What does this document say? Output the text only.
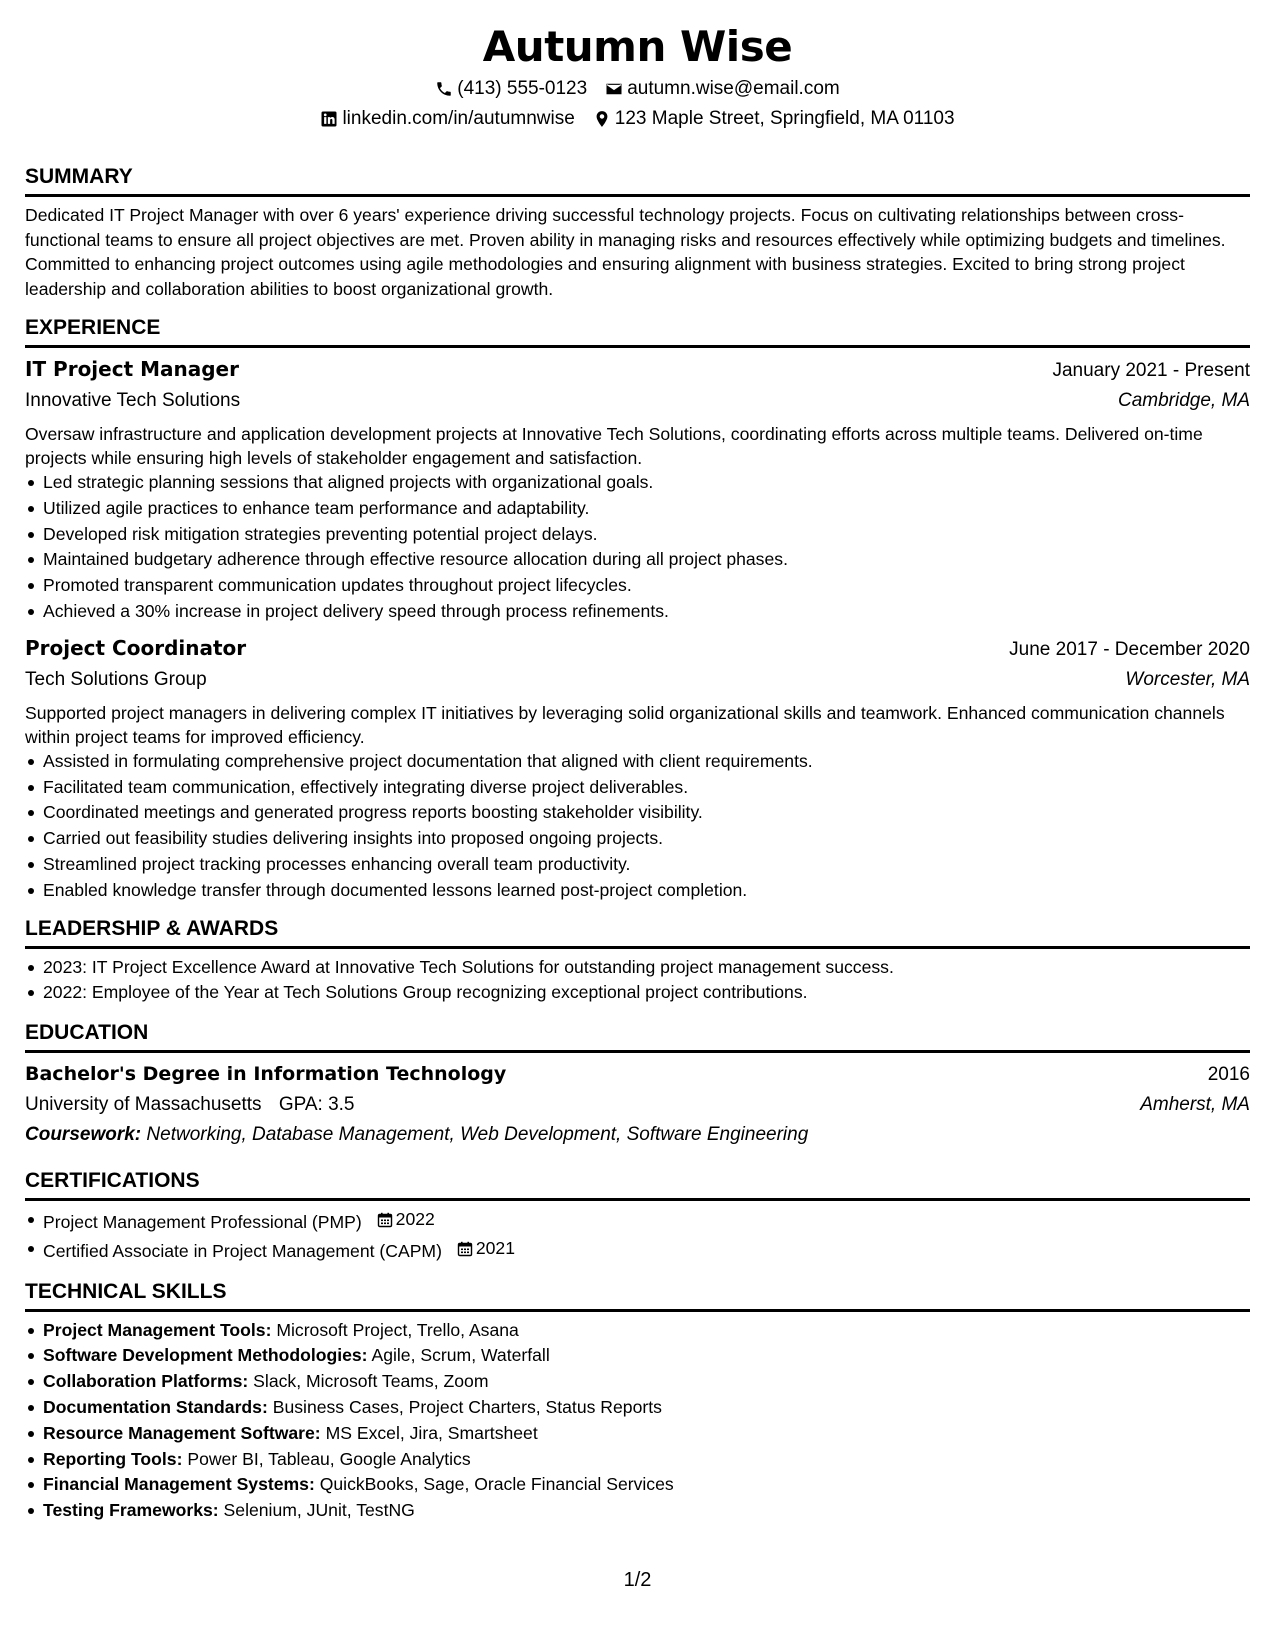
Autumn Wise
(413) 555-0123 autumn.wise@email.com
linkedin.com/in/autumnwise 123 Maple Street, Springfield, MA 01103
SUMMARY

Dedicated IT Project Manager with over 6 years' experience driving successful technology projects. Focus on cultivating relationships between cross-functional teams to ensure all project objectives are met. Proven ability in managing risks and resources effectively while optimizing budgets and timelines. Committed to enhancing project outcomes using agile methodologies and ensuring alignment with business strategies. Excited to bring strong project leadership and collaboration abilities to boost organizational growth.

EXPERIENCE
IT Project Manager	January 2021 - Present
Innovative Tech Solutions	Cambridge, MA

Oversaw infrastructure and application development projects at Innovative Tech Solutions, coordinating efforts across multiple teams. Delivered on-time projects while ensuring high levels of stakeholder engagement and satisfaction.

Led strategic planning sessions that aligned projects with organizational goals.
Utilized agile practices to enhance team performance and adaptability.
Developed risk mitigation strategies preventing potential project delays.
Maintained budgetary adherence through effective resource allocation during all project phases.
Promoted transparent communication updates throughout project lifecycles.
Achieved a 30% increase in project delivery speed through process refinements.
Project Coordinator	June 2017 - December 2020
Tech Solutions Group	Worcester, MA

Supported project managers in delivering complex IT initiatives by leveraging solid organizational skills and teamwork. Enhanced communication channels within project teams for improved efficiency.

Assisted in formulating comprehensive project documentation that aligned with client requirements.
Facilitated team communication, effectively integrating diverse project deliverables.
Coordinated meetings and generated progress reports boosting stakeholder visibility.
Carried out feasibility studies delivering insights into proposed ongoing projects.
Streamlined project tracking processes enhancing overall team productivity.
Enabled knowledge transfer through documented lessons learned post-project completion.
LEADERSHIP & AWARDS
2023: IT Project Excellence Award at Innovative Tech Solutions for outstanding project management success.
2022: Employee of the Year at Tech Solutions Group recognizing exceptional project contributions.
EDUCATION
Bachelor's Degree in Information Technology	2016
University of Massachusetts GPA: 3.5	Amherst, MA
Coursework: Networking, Database Management, Web Development, Software Engineering
CERTIFICATIONS
Project Management Professional (PMP) 2022
Certified Associate in Project Management (CAPM) 2021
TECHNICAL SKILLS
Project Management Tools: Microsoft Project, Trello, Asana
Software Development Methodologies: Agile, Scrum, Waterfall
Collaboration Platforms: Slack, Microsoft Teams, Zoom
Documentation Standards: Business Cases, Project Charters, Status Reports
Resource Management Software: MS Excel, Jira, Smartsheet
Reporting Tools: Power BI, Tableau, Google Analytics
Financial Management Systems: QuickBooks, Sage, Oracle Financial Services
Testing Frameworks: Selenium, JUnit, TestNG
1/2
